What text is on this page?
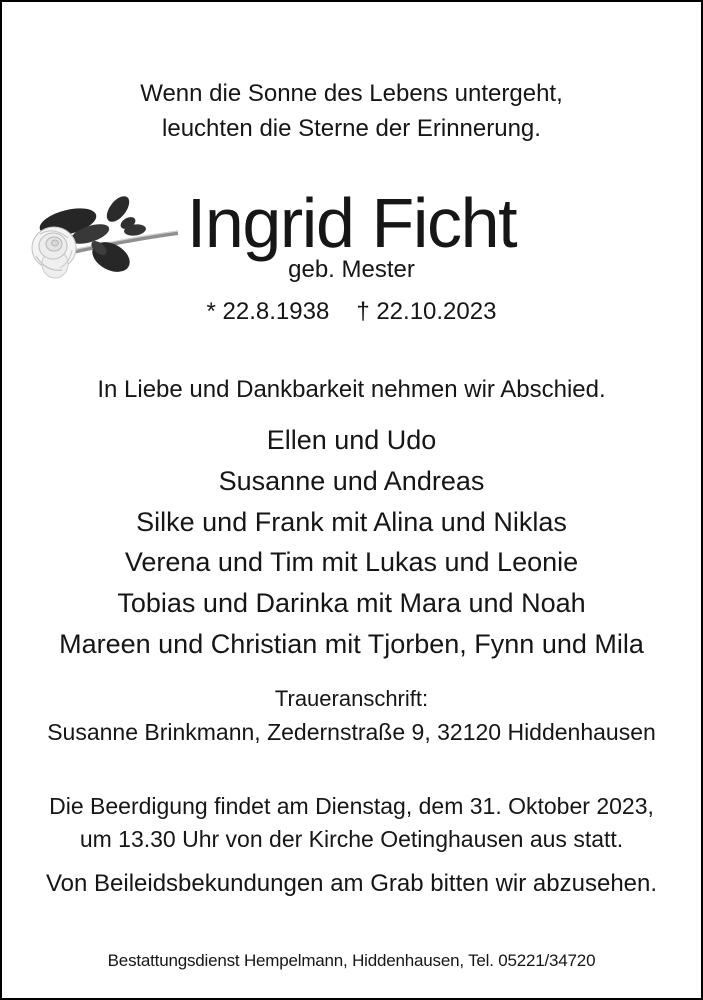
Wenn die Sonne des Lebens untergeht,
leuchten die Sterne der Erinnerung.
Ingrid Ficht
geb. Mester
* 22.8.1938 † 22.10.2023
In Liebe und Dankbarkeit nehmen wir Abschied.
Ellen und Udo
Susanne und Andreas
Silke und Frank mit Alina und Niklas
Verena und Tim mit Lukas und Leonie
Tobias und Darinka mit Mara und Noah
Mareen und Christian mit Tjorben, Fynn und Mila
Traueranschrift:
Susanne Brinkmann, Zedernstraße 9, 32120 Hiddenhausen
Die Beerdigung findet am Dienstag, dem 31. Oktober 2023,
um 13.30 Uhr von der Kirche Oetinghausen aus statt.
Von Beileidsbekundungen am Grab bitten wir abzusehen.
Bestattungsdienst Hempelmann, Hiddenhausen, Tel. 05221/34720
